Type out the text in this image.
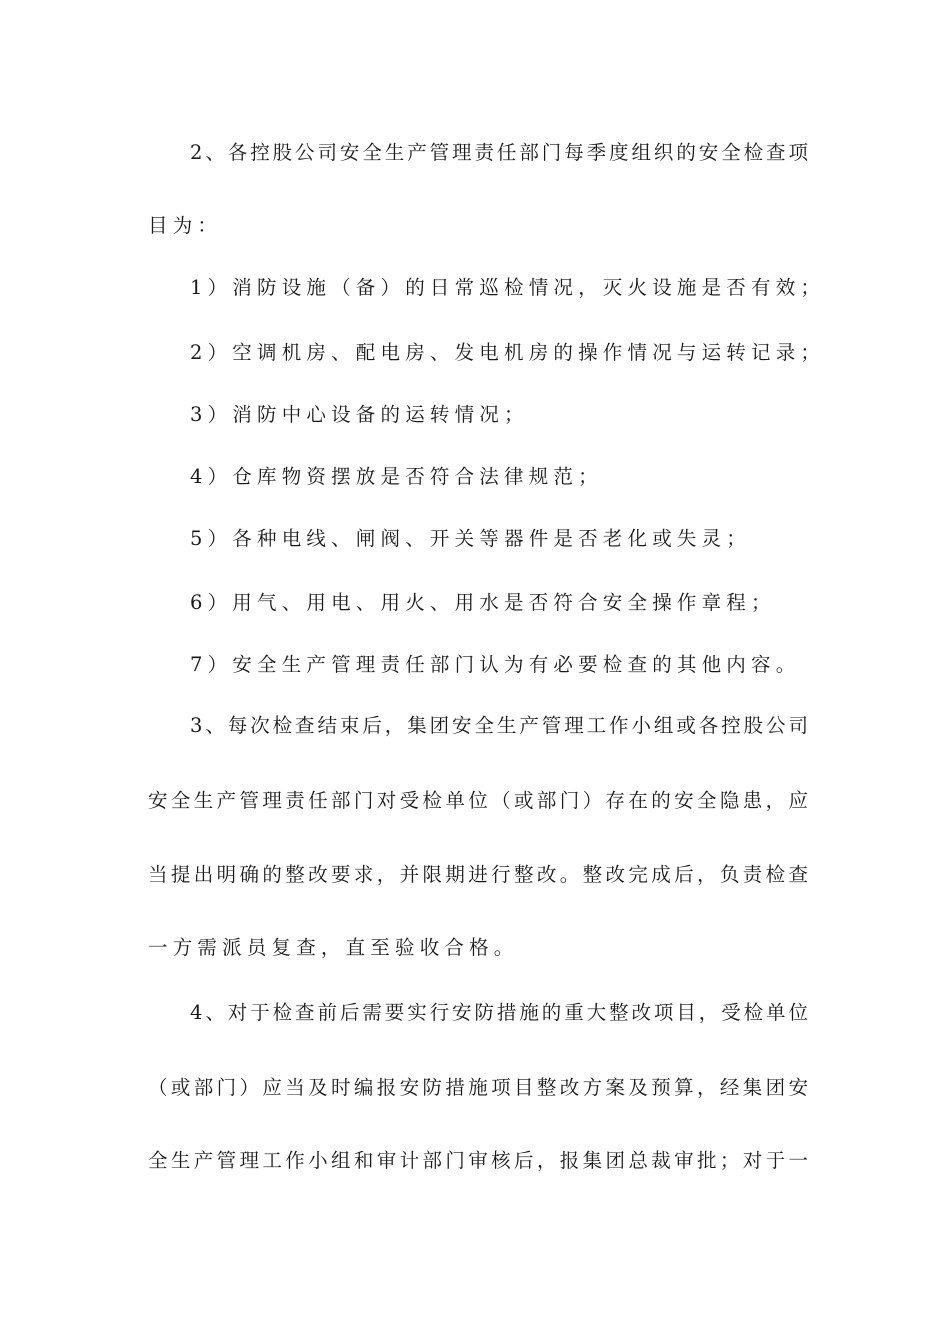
2、各控股公司安全生产管理责任部门每季度组织的安全检查项
目为：
1）消防设施（备）的日常巡检情况，灭火设施是否有效；
2）空调机房、配电房、发电机房的操作情况与运转记录；
3）消防中心设备的运转情况；
4）仓库物资摆放是否符合法律规范；
5）各种电线、闸阀、开关等器件是否老化或失灵；
6）用气、用电、用火、用水是否符合安全操作章程；
7）安全生产管理责任部门认为有必要检查的其他内容。
3、每次检查结束后，集团安全生产管理工作小组或各控股公司
安全生产管理责任部门对受检单位（或部门）存在的安全隐患，应
当提出明确的整改要求，并限期进行整改。整改完成后，负责检查
一方需派员复查，直至验收合格。
4、对于检查前后需要实行安防措施的重大整改项目，受检单位
（或部门）应当及时编报安防措施项目整改方案及预算，经集团安
全生产管理工作小组和审计部门审核后，报集团总裁审批；对于一
